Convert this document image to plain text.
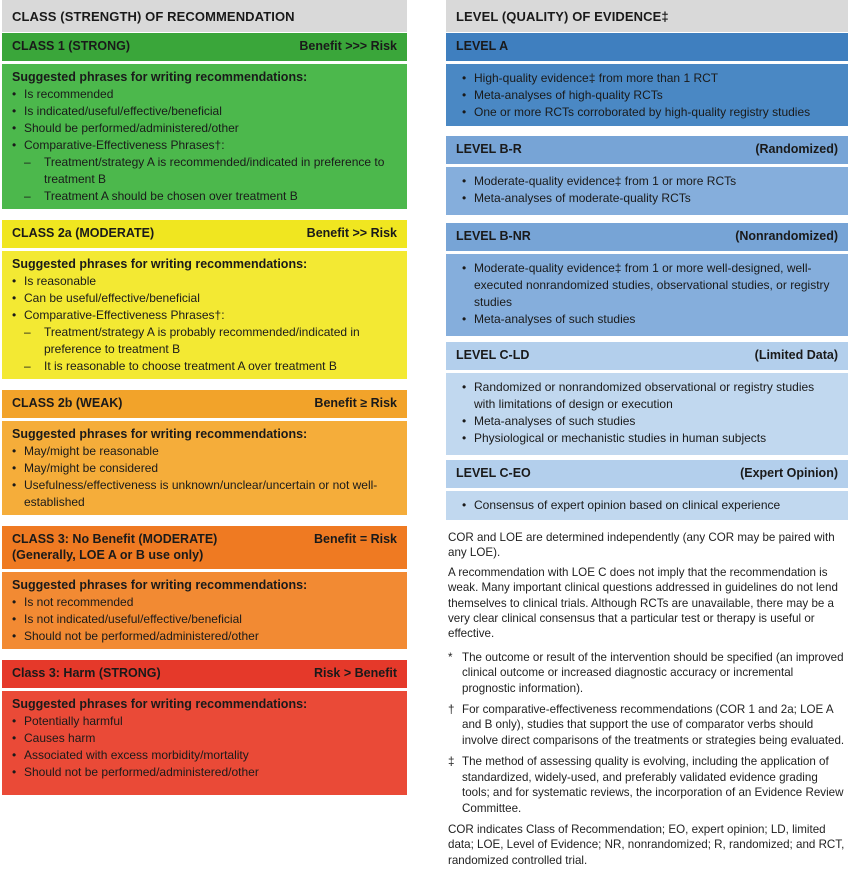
CLASS (STRENGTH) OF RECOMMENDATION
CLASS 1 (STRONG)	Benefit >>> Risk
Suggested phrases for writing recommendations:
• Is recommended
• Is indicated/useful/effective/beneficial
• Should be performed/administered/other
• Comparative-Effectiveness Phrases†:
– Treatment/strategy A is recommended/indicated in preference to treatment B
– Treatment A should be chosen over treatment B
CLASS 2a (MODERATE)	Benefit >> Risk
Suggested phrases for writing recommendations:
• Is reasonable
• Can be useful/effective/beneficial
• Comparative-Effectiveness Phrases†:
– Treatment/strategy A is probably recommended/indicated in preference to treatment B
– It is reasonable to choose treatment A over treatment B
CLASS 2b (WEAK)	Benefit ≥ Risk
Suggested phrases for writing recommendations:
• May/might be reasonable
• May/might be considered
• Usefulness/effectiveness is unknown/unclear/uncertain or not well-established
CLASS 3: No Benefit (MODERATE)
(Generally, LOE A or B use only)
Benefit = Risk
Suggested phrases for writing recommendations:
• Is not recommended
• Is not indicated/useful/effective/beneficial
• Should not be performed/administered/other
Class 3: Harm (STRONG)	Risk > Benefit
Suggested phrases for writing recommendations:
• Potentially harmful
• Causes harm
• Associated with excess morbidity/mortality
• Should not be performed/administered/other
LEVEL (QUALITY) OF EVIDENCE‡
LEVEL A
• High-quality evidence‡ from more than 1 RCT
• Meta-analyses of high-quality RCTs
• One or more RCTs corroborated by high-quality registry studies
LEVEL B-R	(Randomized)
• Moderate-quality evidence‡ from 1 or more RCTs
• Meta-analyses of moderate-quality RCTs
LEVEL B-NR	(Nonrandomized)
• Moderate-quality evidence‡ from 1 or more well-designed, well-executed nonrandomized studies, observational studies, or registry studies
• Meta-analyses of such studies
LEVEL C-LD	(Limited Data)
• Randomized or nonrandomized observational or registry studies with limitations of design or execution
• Meta-analyses of such studies
• Physiological or mechanistic studies in human subjects
LEVEL C-EO	(Expert Opinion)
• Consensus of expert opinion based on clinical experience

COR and LOE are determined independently (any COR may be paired with any LOE).

A recommendation with LOE C does not imply that the recommendation is weak. Many important clinical questions addressed in guidelines do not lend themselves to clinical trials. Although RCTs are unavailable, there may be a very clear clinical consensus that a particular test or therapy is useful or effective.

* The outcome or result of the intervention should be specified (an improved clinical outcome or increased diagnostic accuracy or incremental prognostic information).
† For comparative-effectiveness recommendations (COR 1 and 2a; LOE A and B only), studies that support the use of comparator verbs should involve direct comparisons of the treatments or strategies being evaluated.
‡ The method of assessing quality is evolving, including the application of standardized, widely-used, and preferably validated evidence grading tools; and for systematic reviews, the incorporation of an Evidence Review Committee.

COR indicates Class of Recommendation; EO, expert opinion; LD, limited data; LOE, Level of Evidence; NR, nonrandomized; R, randomized; and RCT, randomized controlled trial.
